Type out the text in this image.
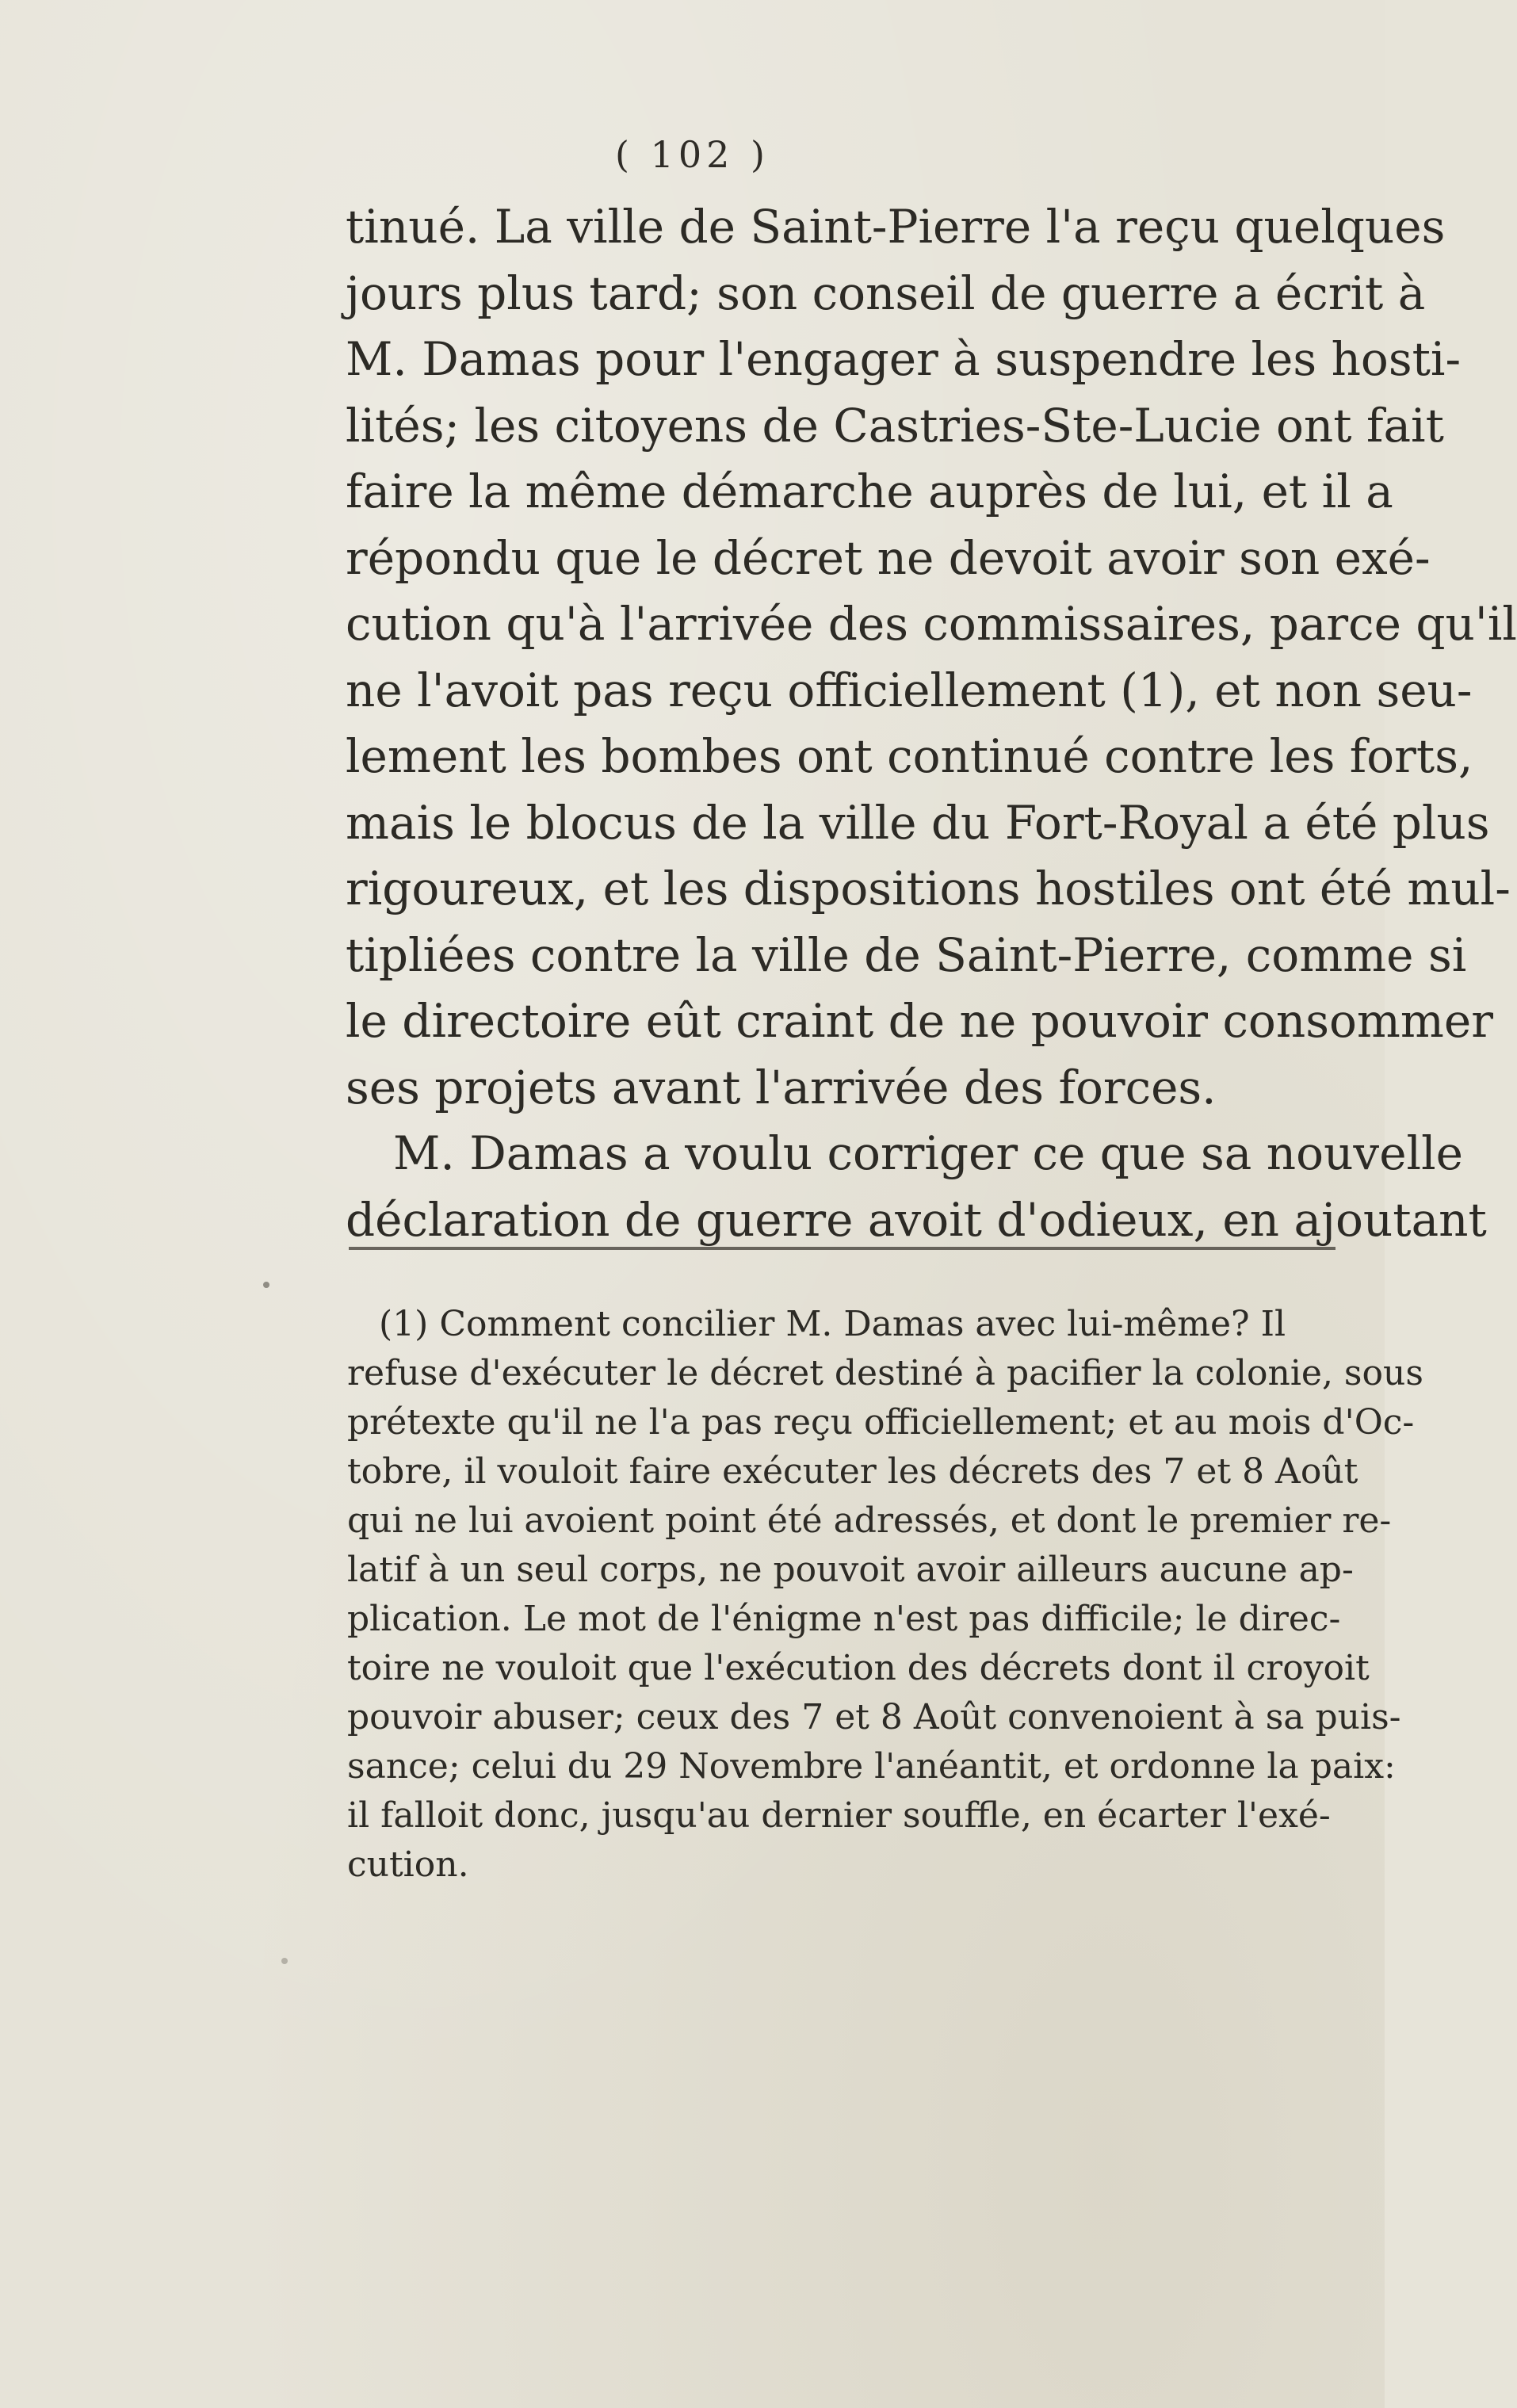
( 102 )
tinué. La ville de Saint-Pierre l'a reçu quelques
jours plus tard; son conseil de guerre a écrit à
M. Damas pour l'engager à suspendre les hosti-
lités; les citoyens de Castries-Ste-Lucie ont fait
faire la même démarche auprès de lui, et il a
répondu que le décret ne devoit avoir son exé-
cution qu'à l'arrivée des commissaires, parce qu'il
ne l'avoit pas reçu officiellement (1), et non seu-
lement les bombes ont continué contre les forts,
mais le blocus de la ville du Fort-Royal a été plus
rigoureux, et les dispositions hostiles ont été mul-
tipliées contre la ville de Saint-Pierre, comme si
le directoire eût craint de ne pouvoir consommer
ses projets avant l'arrivée des forces.
M. Damas a voulu corriger ce que sa nouvelle
déclaration de guerre avoit d'odieux, en ajoutant
(1) Comment concilier M. Damas avec lui-même? Il
refuse d'exécuter le décret destiné à pacifier la colonie, sous
prétexte qu'il ne l'a pas reçu officiellement; et au mois d'Oc-
tobre, il vouloit faire exécuter les décrets des 7 et 8 Août
qui ne lui avoient point été adressés, et dont le premier re-
latif à un seul corps, ne pouvoit avoir ailleurs aucune ap-
plication. Le mot de l'énigme n'est pas difficile; le direc-
toire ne vouloit que l'exécution des décrets dont il croyoit
pouvoir abuser; ceux des 7 et 8 Août convenoient à sa puis-
sance; celui du 29 Novembre l'anéantit, et ordonne la paix:
il falloit donc, jusqu'au dernier souffle, en écarter l'exé-
cution.
